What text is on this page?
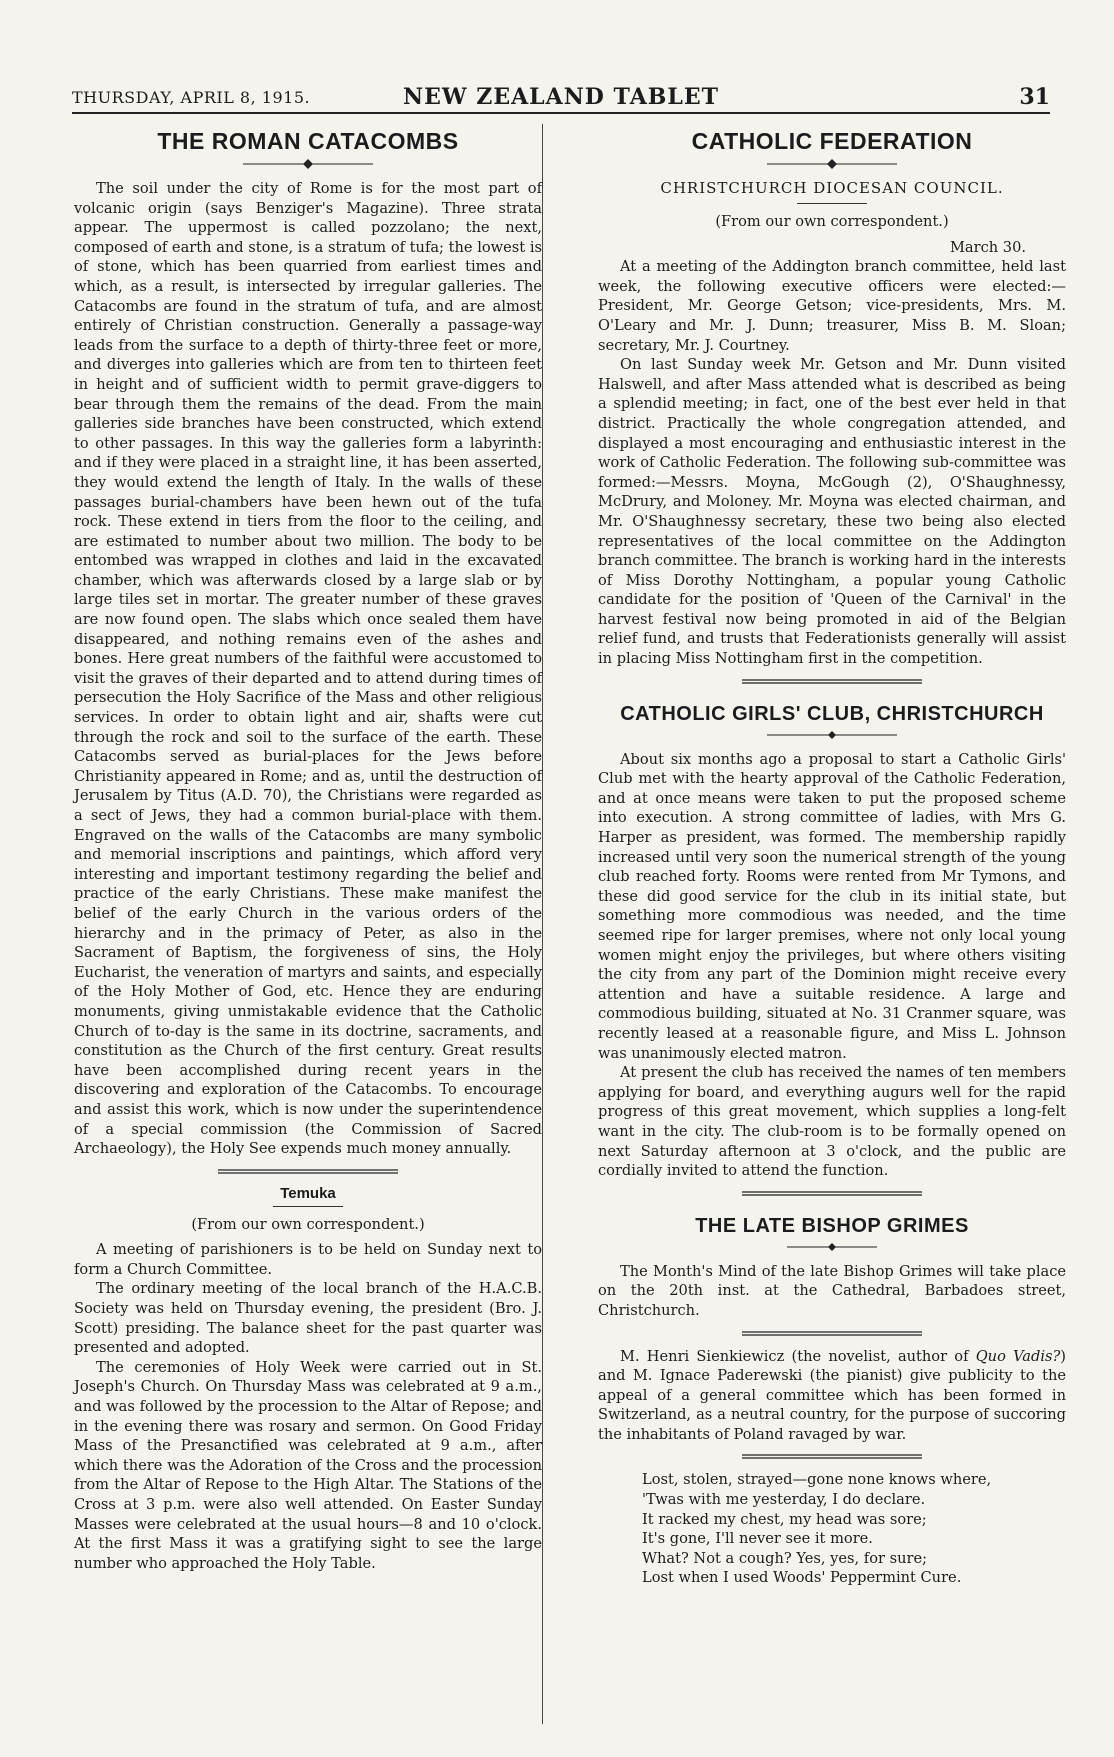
THURSDAY, APRIL 8, 1915.	NEW ZEALAND TABLET	31
THE ROMAN CATACOMBS

The soil under the city of Rome is for the most part of volcanic origin (says Benziger's Magazine). Three strata appear. The uppermost is called pozzolano; the next, composed of earth and stone, is a stratum of tufa; the lowest is of stone, which has been quarried from earliest times and which, as a result, is intersected by irregular galleries. The Catacombs are found in the stratum of tufa, and are almost entirely of Christian construction. Generally a passage-way leads from the surface to a depth of thirty-three feet or more, and diverges into galleries which are from ten to thirteen feet in height and of sufficient width to permit grave-diggers to bear through them the remains of the dead. From the main galleries side branches have been constructed, which extend to other passages. In this way the galleries form a labyrinth: and if they were placed in a straight line, it has been asserted, they would extend the length of Italy. In the walls of these passages burial-chambers have been hewn out of the tufa rock. These extend in tiers from the floor to the ceiling, and are estimated to number about two million. The body to be entombed was wrapped in clothes and laid in the excavated chamber, which was afterwards closed by a large slab or by large tiles set in mortar. The greater number of these graves are now found open. The slabs which once sealed them have disappeared, and nothing remains even of the ashes and bones. Here great numbers of the faithful were accustomed to visit the graves of their departed and to attend during times of persecution the Holy Sacrifice of the Mass and other religious services. In order to obtain light and air, shafts were cut through the rock and soil to the surface of the earth. These Catacombs served as burial-places for the Jews before Christianity appeared in Rome; and as, until the destruction of Jerusalem by Titus (A.D. 70), the Christians were regarded as a sect of Jews, they had a common burial-place with them. Engraved on the walls of the Catacombs are many symbolic and memorial inscriptions and paintings, which afford very interesting and important testimony regarding the belief and practice of the early Christians. These make manifest the belief of the early Church in the various orders of the hierarchy and in the primacy of Peter, as also in the Sacrament of Baptism, the forgiveness of sins, the Holy Eucharist, the veneration of martyrs and saints, and especially of the Holy Mother of God, etc. Hence they are enduring monuments, giving unmistakable evidence that the Catholic Church of to-day is the same in its doctrine, sacraments, and constitution as the Church of the first century. Great results have been accomplished during recent years in the discovering and exploration of the Catacombs. To encourage and assist this work, which is now under the superintendence of a special commission (the Commission of Sacred Archaeology), the Holy See expends much money annually.

Temuka

(From our own correspondent.)

A meeting of parishioners is to be held on Sunday next to form a Church Committee.

The ordinary meeting of the local branch of the H.A.C.B. Society was held on Thursday evening, the president (Bro. J. Scott) presiding. The balance sheet for the past quarter was presented and adopted.

The ceremonies of Holy Week were carried out in St. Joseph's Church. On Thursday Mass was celebrated at 9 a.m., and was followed by the procession to the Altar of Repose; and in the evening there was rosary and sermon. On Good Friday Mass of the Presanctified was celebrated at 9 a.m., after which there was the Adoration of the Cross and the procession from the Altar of Repose to the High Altar. The Stations of the Cross at 3 p.m. were also well attended. On Easter Sunday Masses were celebrated at the usual hours—8 and 10 o'clock. At the first Mass it was a gratifying sight to see the large number who approached the Holy Table.

CATHOLIC FEDERATION
CHRISTCHURCH DIOCESAN COUNCIL.

(From our own correspondent.)

March 30.

At a meeting of the Addington branch committee, held last week, the following executive officers were elected:—President, Mr. George Getson; vice-presidents, Mrs. M. O'Leary and Mr. J. Dunn; treasurer, Miss B. M. Sloan; secretary, Mr. J. Courtney.

On last Sunday week Mr. Getson and Mr. Dunn visited Halswell, and after Mass attended what is described as being a splendid meeting; in fact, one of the best ever held in that district. Practically the whole congregation attended, and displayed a most encouraging and enthusiastic interest in the work of Catholic Federation. The following sub-committee was formed:—Messrs. Moyna, McGough (2), O'Shaughnessy, McDrury, and Moloney. Mr. Moyna was elected chairman, and Mr. O'Shaughnessy secretary, these two being also elected representatives of the local committee on the Addington branch committee. The branch is working hard in the interests of Miss Dorothy Nottingham, a popular young Catholic candidate for the position of 'Queen of the Carnival' in the harvest festival now being promoted in aid of the Belgian relief fund, and trusts that Federationists generally will assist in placing Miss Nottingham first in the competition.

CATHOLIC GIRLS' CLUB, CHRISTCHURCH

About six months ago a proposal to start a Catholic Girls' Club met with the hearty approval of the Catholic Federation, and at once means were taken to put the proposed scheme into execution. A strong committee of ladies, with Mrs G. Harper as president, was formed. The membership rapidly increased until very soon the numerical strength of the young club reached forty. Rooms were rented from Mr Tymons, and these did good service for the club in its initial state, but something more commodious was needed, and the time seemed ripe for larger premises, where not only local young women might enjoy the privileges, but where others visiting the city from any part of the Dominion might receive every attention and have a suitable residence. A large and commodious building, situated at No. 31 Cranmer square, was recently leased at a reasonable figure, and Miss L. Johnson was unanimously elected matron.

At present the club has received the names of ten members applying for board, and everything augurs well for the rapid progress of this great movement, which supplies a long-felt want in the city. The club-room is to be formally opened on next Saturday afternoon at 3 o'clock, and the public are cordially invited to attend the function.

THE LATE BISHOP GRIMES

The Month's Mind of the late Bishop Grimes will take place on the 20th inst. at the Cathedral, Barbadoes street, Christchurch.

M. Henri Sienkiewicz (the novelist, author of Quo Vadis?) and M. Ignace Paderewski (the pianist) give publicity to the appeal of a general committee which has been formed in Switzerland, as a neutral country, for the purpose of succoring the inhabitants of Poland ravaged by war.

Lost, stolen, strayed—gone none knows where,
'Twas with me yesterday, I do declare.
It racked my chest, my head was sore;
It's gone, I'll never see it more.
What? Not a cough? Yes, yes, for sure;
Lost when I used Woods' Peppermint Cure.
